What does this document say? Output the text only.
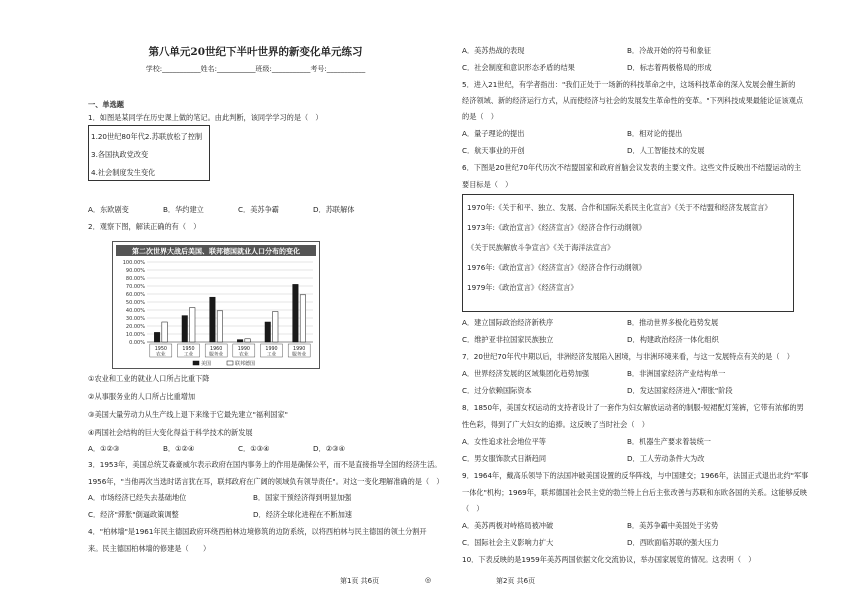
第八单元20世纪下半叶世界的新变化单元练习
学校:___________姓名:___________班级:___________考号:___________
一、单选题
1．如图是某同学在历史课上做的笔记。由此判断，该同学学习的是（　）
1.20世纪80年代2.苏联放松了控制
3.各国执政党改变
4.社会制度发生变化
A．东欧剧变	B．华约建立	C．美苏争霸	D．苏联解体
2．观察下图，解读正确的有（　）
第二次世界大战后美国、联邦德国就业人口分布的变化
0.00%
10.00%
20.00%
30.00%
40.00%
50.00%
60.00%
70.00%
80.00%
90.00%
100.00%
1950
农业
1950
工业
1960
服务业
1990
农业
1990
工业
1990
服务业
美国	联邦德国
①农业和工业的就业人口所占比重下降
②从事服务业的人口所占比重增加
③美国大量劳动力从生产线上退下来缘于它最先建立"福利国家"
④两国社会结构的巨大变化得益于科学技术的新发展
A．①②③	B．①②④	C．①③④	D．②③④
3．1953年，美国总统艾森豪威尔表示政府在国内事务上的作用是确保公平，而不是直接指导全国的经济生活。
1956年，"当他再次当选时诺言犹在耳，联邦政府在广阔的领域负有领导责任"。对这一变化理解准确的是（　）
A．市场经济已经失去基础地位	B．国家干预经济得到明显加强
C．经济"滞胀"倒逼政策调整	D．经济全球化进程在不断加速
4．"柏林墙"是1961年民主德国政府环绕西柏林边境修筑的边防系统，以将西柏林与民主德国的领土分割开
来。民主德国柏林墙的修建是（　　）
A．美苏热战的表现	B．冷战开始的符号和象征
C．社会制度和意识形态矛盾的结果	D．标志着两极格局的形成
5．进入21世纪，有学者指出："我们正处于一场新的科技革命之中，这场科技革命的深入发展会催生新的
经济领域、新的经济运行方式，从而使经济与社会的发展发生革命性的变革。"下列科技成果最能论证该观点
的是（　）
A．量子理论的提出	B．相对论的提出
C．航天事业的开创	D．人工智能技术的发展
6．下图是20世纪70年代历次不结盟国家和政府首脑会议发表的主要文件。这些文件反映出不结盟运动的主
要目标是（　）
1970年:《关于和平、独立、发展、合作和国际关系民主化宣言》《关于不结盟和经济发展宣言》
1973年:《政治宣言》《经济宣言》《经济合作行动纲领》
《关于民族解放斗争宣言》《关于海洋法宣言》
1976年:《政治宣言》《经济宣言》《经济合作行动纲领》
1979年:《政治宣言》《经济宣言》
A．建立国际政治经济新秩序	B．推动世界多极化趋势发展
C．维护亚非拉国家民族独立	D．构建政治经济一体化组织
7．20世纪70年代中期以后，非洲经济发展陷入困境，与非洲环境来看，与这一发展特点有关的是（　）
A．世界经济发展的区域集团化趋势加强	B．非洲国家经济产业结构单一
C．过分依赖国际资本	D．发达国家经济进入"滞胀"阶段
8．1850年，美国女权运动的支持者设计了一套作为妇女解放运动者的制服-短裙配灯笼裤，它带有浓郁的男
性色彩，得到了广大妇女的追捧。这反映了当时社会（　）
A．女性追求社会地位平等	B．机器生产要求着装统一
C．男女服饰款式日渐趋同	D．工人劳动条件大为改
9．1964年，戴高乐领导下的法国冲破美国设置的反华阵线，与中国建交；1966年，法国正式退出北约"军事
一体化"机构；1969年，联邦德国社会民主党的勃兰特上台后主张改善与苏联和东欧各国的关系。这能够反映
（　）
A．美苏两极对峙格局被冲破	B．美苏争霸中美国处于劣势
C．国际社会主义影响力扩大	D．西欧面临苏联的强大压力
10．下表反映的是1959年美苏两国依据文化交流协议，举办国家展览的情况。这表明（　）
第1页 共6页	◎	第2页 共6页
